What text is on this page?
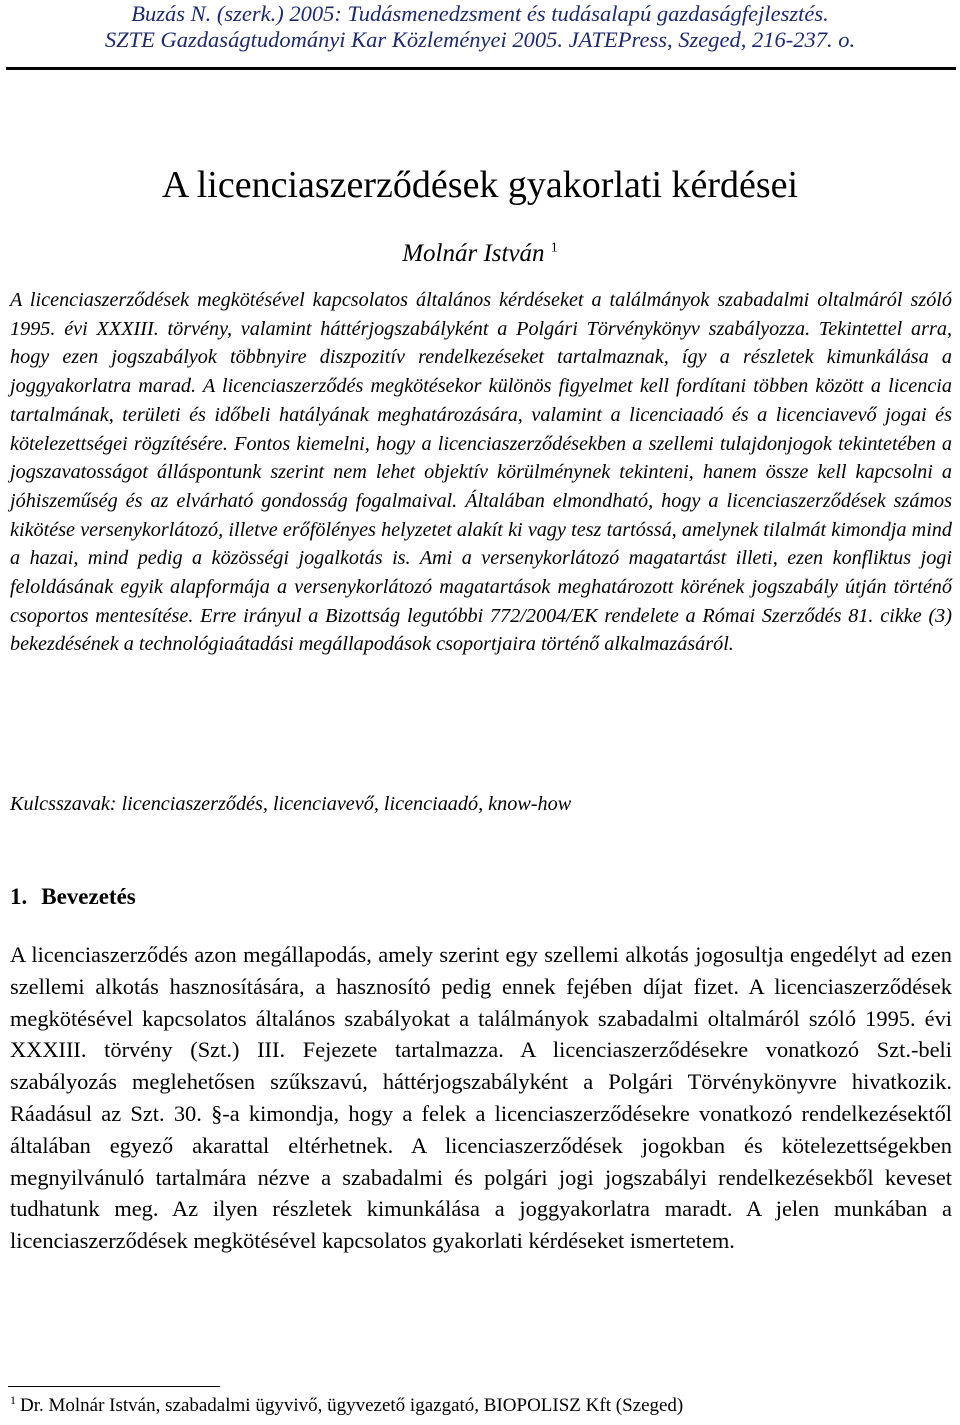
Buzás N. (szerk.) 2005: Tudásmenedzsment és tudásalapú gazdaságfejlesztés.
SZTE Gazdaságtudományi Kar Közleményei 2005. JATEPress, Szeged, 216-237. o.
A licenciaszerződések gyakorlati kérdései
Molnár István $^1$
A licenciaszerződések megkötésével kapcsolatos általános kérdéseket a találmányok szabadalmi oltalmáról szóló 1995. évi XXXIII. törvény, valamint háttérjogszabályként a Polgári Törvénykönyv szabályozza. Tekintettel arra, hogy ezen jogszabályok többnyire diszpozitív rendelkezéseket tartalmaznak, így a részletek kimunkálása a joggyakorlatra marad. A licenciaszerződés megkötésekor különös figyelmet kell fordítani többen között a licencia tartalmának, területi és időbeli hatályának meghatározására, valamint a licenciaadó és a licenciavevő jogai és kötelezettségei rögzítésére. Fontos kiemelni, hogy a licenciaszerződésekben a szellemi tulajdonjogok tekintetében a jogszavatosságot álláspontunk szerint nem lehet objektív körülménynek tekinteni, hanem össze kell kapcsolni a jóhiszeműség és az elvárható gondosság fogalmaival. Általában elmondható, hogy a licenciaszerződések számos kikötése versenykorlátozó, illetve erőfölényes helyzetet alakít ki vagy tesz tartóssá, amelynek tilalmát kimondja mind a hazai, mind pedig a közösségi jogalkotás is. Ami a versenykorlátozó magatartást illeti, ezen konfliktus jogi feloldásának egyik alapformája a versenykorlátozó magatartások meghatározott körének jogszabály útján történő csoportos mentesítése. Erre irányul a Bizottság legutóbbi 772/2004/EK rendelete a Római Szerződés 81. cikke (3) bekezdésének a technológiaátadási megállapodások csoportjaira történő alkalmazásáról.
Kulcsszavak: licenciaszerződés, licenciavevő, licenciaadó, know-how
1. Bevezetés
A licenciaszerződés azon megállapodás, amely szerint egy szellemi alkotás jogosultja engedélyt ad ezen szellemi alkotás hasznosítására, a hasznosító pedig ennek fejében díjat fizet. A licenciaszerződések megkötésével kapcsolatos általános szabályokat a találmányok szabadalmi oltalmáról szóló 1995. évi XXXIII. törvény (Szt.) III. Fejezete tartalmazza. A licenciaszerződésekre vonatkozó Szt.-beli szabályozás meglehetősen szűkszavú, háttérjogszabályként a Polgári Törvénykönyvre hivatkozik. Ráadásul az Szt. 30. §-a kimondja, hogy a felek a licenciaszerződésekre vonatkozó rendelkezésektől általában egyező akarattal eltérhetnek. A licenciaszerződések jogokban és kötelezettségekben megnyilvánuló tartalmára nézve a szabadalmi és polgári jogi jogszabályi rendelkezésekből keveset tudhatunk meg. Az ilyen részletek kimunkálása a joggyakorlatra maradt. A jelen munkában a licenciaszerződések megkötésével kapcsolatos gyakorlati kérdéseket ismertetem.
$^1$ Dr. Molnár István, szabadalmi ügyvivő, ügyvezető igazgató, BIOPOLISZ Kft (Szeged)
